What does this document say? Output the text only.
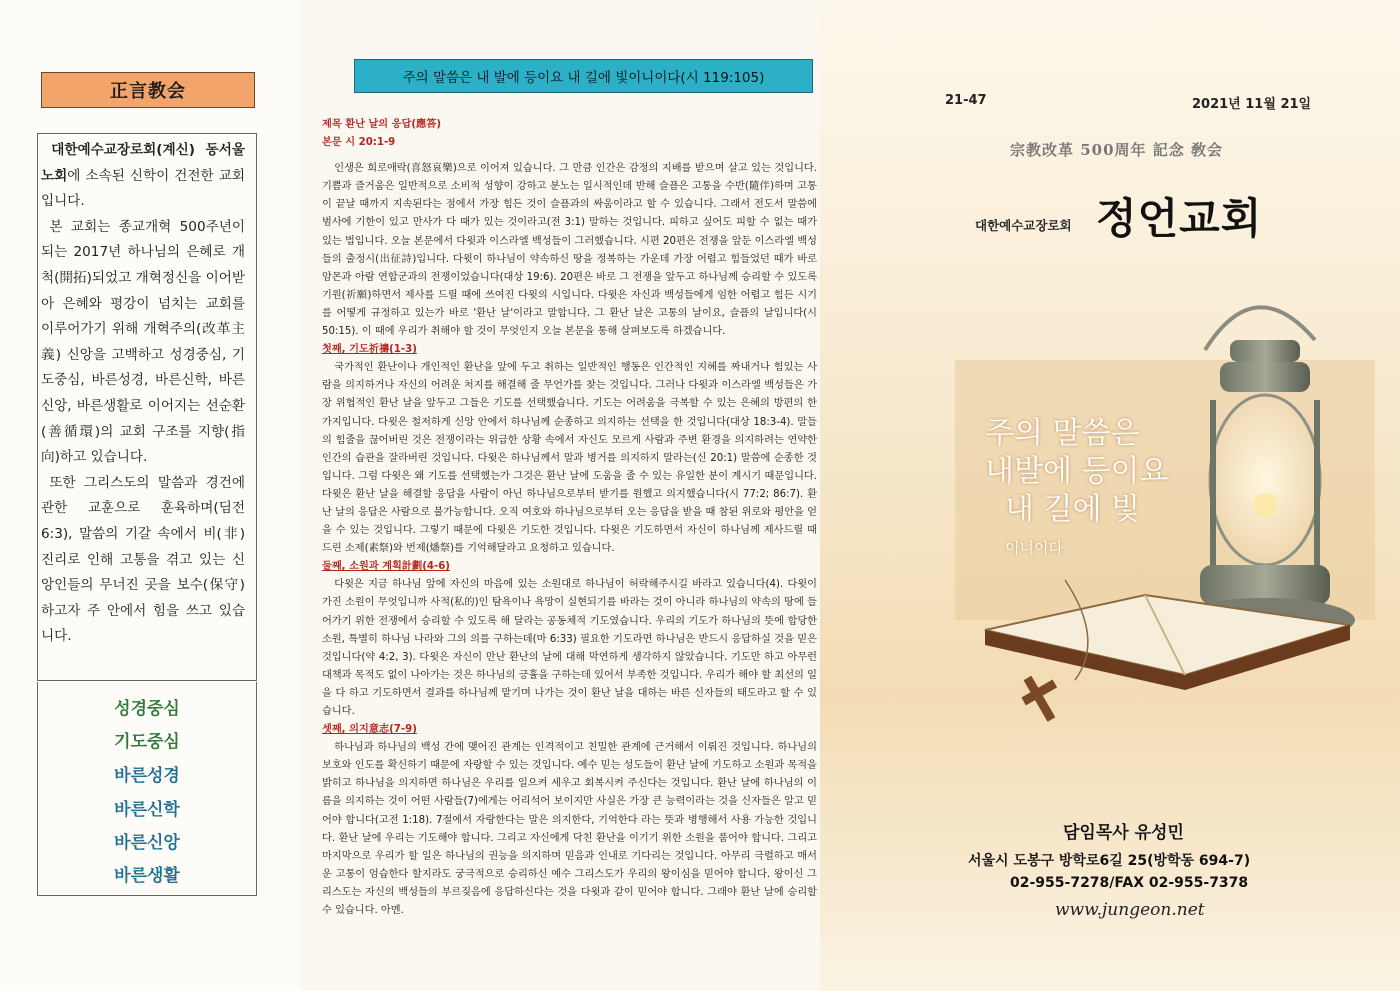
正言教会

대한예수교장로회(계신) 동서울 노회에 소속된 신학이 건전한 교회입니다.

본 교회는 종교개혁 500주년이 되는 2017년 하나님의 은혜로 개척(開拓)되었고 개혁정신을 이어받아 은혜와 평강이 넘치는 교회를 이루어가기 위해 개혁주의(改革主義) 신앙을 고백하고 성경중심, 기도중심, 바른성경, 바른신학, 바른신앙, 바른생활로 이어지는 선순환(善循環)의 교회 구조를 지향(指向)하고 있습니다.

또한 그리스도의 말씀과 경건에 관한 교훈으로 훈육하며(딤전 6:3), 말씀의 기갈 속에서 비(非) 진리로 인해 고통을 겪고 있는 신앙인들의 무너진 곳을 보수(保守)하고자 주 안에서 힘을 쓰고 있습니다.

성경중심
기도중심
바른성경
바른신학
바른신앙
바른생활
주의 말씀은 내 발에 등이요 내 길에 빛이니이다(시 119:105)
제목 환난 날의 응답(應答)
본문 시 20:1-9

인생은 희로애락(喜怒哀樂)으로 이어져 있습니다. 그 만큼 인간은 감정의 지배를 받으며 살고 있는 것입니다. 기쁨과 즐거움은 일반적으로 소비적 성향이 강하고 분노는 일시적인데 반해 슬픔은 고통을 수반(隨伴)하며 고통이 끝날 때까지 지속된다는 점에서 가장 힘든 것이 슬픔과의 싸움이라고 할 수 있습니다. 그래서 전도서 말씀에 범사에 기한이 있고 만사가 다 때가 있는 것이라고(전 3:1) 말하는 것입니다. 피하고 싶어도 피할 수 없는 때가 있는 법입니다. 오늘 본문에서 다윗과 이스라엘 백성들이 그러했습니다. 시편 20편은 전쟁을 앞둔 이스라엘 백성들의 출정시(出征詩)입니다. 다윗이 하나님이 약속하신 땅을 정복하는 가운데 가장 어렵고 힘들었던 때가 바로 암몬과 아람 연합군과의 전쟁이었습니다(대상 19:6). 20편은 바로 그 전쟁을 앞두고 하나님께 승리할 수 있도록 기원(祈願)하면서 제사를 드릴 때에 쓰여진 다윗의 시입니다. 다윗은 자신과 백성들에게 임한 어렵고 힘든 시기를 어떻게 규정하고 있는가 바로 '환난 날'이라고 말합니다. 그 환난 날은 고통의 날이요, 슬픔의 날입니다(시 50:15). 이 때에 우리가 취해야 할 것이 무엇인지 오늘 본문을 통해 살펴보도록 하겠습니다.

첫째, 기도祈禱(1-3)

국가적인 환난이나 개인적인 환난을 앞에 두고 취하는 일반적인 행동은 인간적인 지혜를 짜내거나 힘있는 사람을 의지하거나 자신의 어려운 처지를 해결해 줄 무언가를 찾는 것입니다. 그러나 다윗과 이스라엘 백성들은 가장 위협적인 환난 날을 앞두고 그들은 기도를 선택했습니다. 기도는 어려움을 극복할 수 있는 은혜의 방편의 한 가지입니다. 다윗은 철저하게 신앙 안에서 하나님께 순종하고 의지하는 선택을 한 것입니다(대상 18:3-4). 말들의 힘줄을 끊어버린 것은 전쟁이라는 위급한 상황 속에서 자신도 모르게 사람과 주변 환경을 의지하려는 연약한 인간의 습관을 잘라버린 것입니다. 다윗은 하나님께서 말과 병거를 의지하지 말라는(신 20:1) 말씀에 순종한 것입니다. 그럼 다윗은 왜 기도를 선택했는가 그것은 환난 날에 도움을 줄 수 있는 유일한 분이 계시기 때문입니다. 다윗은 환난 날을 해결할 응답을 사람이 아닌 하나님으로부터 받기를 원했고 의지했습니다(시 77:2; 86:7). 환난 날의 응답은 사람으로 불가능합니다. 오직 여호와 하나님으로부터 오는 응답을 받을 때 참된 위로와 평안을 얻을 수 있는 것입니다. 그렇기 때문에 다윗은 기도한 것입니다. 다윗은 기도하면서 자신이 하나님께 제사드릴 때 드린 소제(素祭)와 번제(燔祭)를 기억해달라고 요청하고 있습니다.

둘째, 소원과 계획計劃(4-6)

다윗은 지금 하나님 앞에 자신의 마음에 있는 소원대로 하나님이 허락해주시길 바라고 있습니다(4). 다윗이 가진 소원이 무엇입니까 사적(私的)인 탐욕이나 욕망이 실현되기를 바라는 것이 아니라 하나님의 약속의 땅에 들어가기 위한 전쟁에서 승리할 수 있도록 해 달라는 공동체적 기도였습니다. 우리의 기도가 하나님의 뜻에 합당한 소원, 특별히 하나님 나라와 그의 의를 구하는데(마 6:33) 필요한 기도라면 하나님은 반드시 응답하실 것을 믿은 것입니다(약 4:2, 3). 다윗은 자신이 만난 환난의 날에 대해 막연하게 생각하지 않았습니다. 기도만 하고 아무런 대책과 목적도 없이 나아가는 것은 하나님의 긍휼을 구하는데 있어서 부족한 것입니다. 우리가 해야 할 최선의 일을 다 하고 기도하면서 결과를 하나님께 맡기며 나가는 것이 환난 날을 대하는 바른 신자들의 태도라고 할 수 있습니다.

셋째, 의지意志(7-9)

하나님과 하나님의 백성 간에 맺어진 관계는 인격적이고 친밀한 관계에 근거해서 이뤄진 것입니다. 하나님의 보호와 인도를 확신하기 때문에 자랑할 수 있는 것입니다. 예수 믿는 성도들이 환난 날에 기도하고 소원과 목적을 밝히고 하나님을 의지하면 하나님은 우리를 일으켜 세우고 회복시켜 주신다는 것입니다. 환난 날에 하나님의 이름을 의지하는 것이 어떤 사람들(7)에게는 어리석어 보이지만 사실은 가장 큰 능력이라는 것을 신자들은 알고 믿어야 합니다(고전 1:18). 7절에서 자랑한다는 말은 의지한다, 기억한다 라는 뜻과 병행해서 사용 가능한 것입니다. 환난 날에 우리는 기도해야 합니다. 그리고 자신에게 닥친 환난을 이기기 위한 소원을 품어야 합니다. 그리고 마지막으로 우리가 할 일은 하나님의 권능을 의지하며 믿음과 인내로 기다리는 것입니다. 아무리 극렬하고 매서운 고통이 엄습한다 할지라도 궁극적으로 승리하신 예수 그리스도가 우리의 왕이심을 믿어야 합니다. 왕이신 그리스도는 자신의 백성들의 부르짖음에 응답하신다는 것을 다윗과 같이 믿어야 합니다. 그래야 환난 날에 승리할 수 있습니다. 아멘.

21-47	2021년 11월 21일
宗教改革 500周年 記念 敎会
대한예수교장로회 정언교회
주의 말씀은
내발에 등이요
내 길에 빛
이니이다
담임목사 유성민
서울시 도봉구 방학로6길 25(방학동 694-7)
02-955-7278/FAX 02-955-7378
www.jungeon.net
